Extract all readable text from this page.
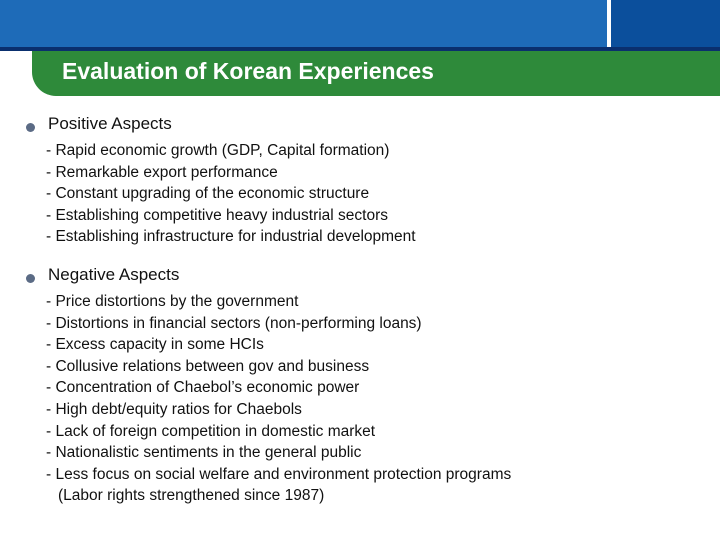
Evaluation of Korean Experiences
Positive Aspects
- Rapid economic growth (GDP, Capital formation)
- Remarkable export performance
- Constant upgrading of the economic structure
- Establishing competitive heavy industrial sectors
- Establishing infrastructure for industrial development
Negative Aspects
- Price distortions by the government
- Distortions in financial sectors (non-performing loans)
- Excess capacity in some HCIs
- Collusive relations between gov and business
- Concentration of Chaebol’s economic power
- High debt/equity ratios for Chaebols
- Lack of foreign competition in domestic market
- Nationalistic sentiments in the general public
- Less focus on social welfare and environment protection programs
(Labor rights strengthened since 1987)
